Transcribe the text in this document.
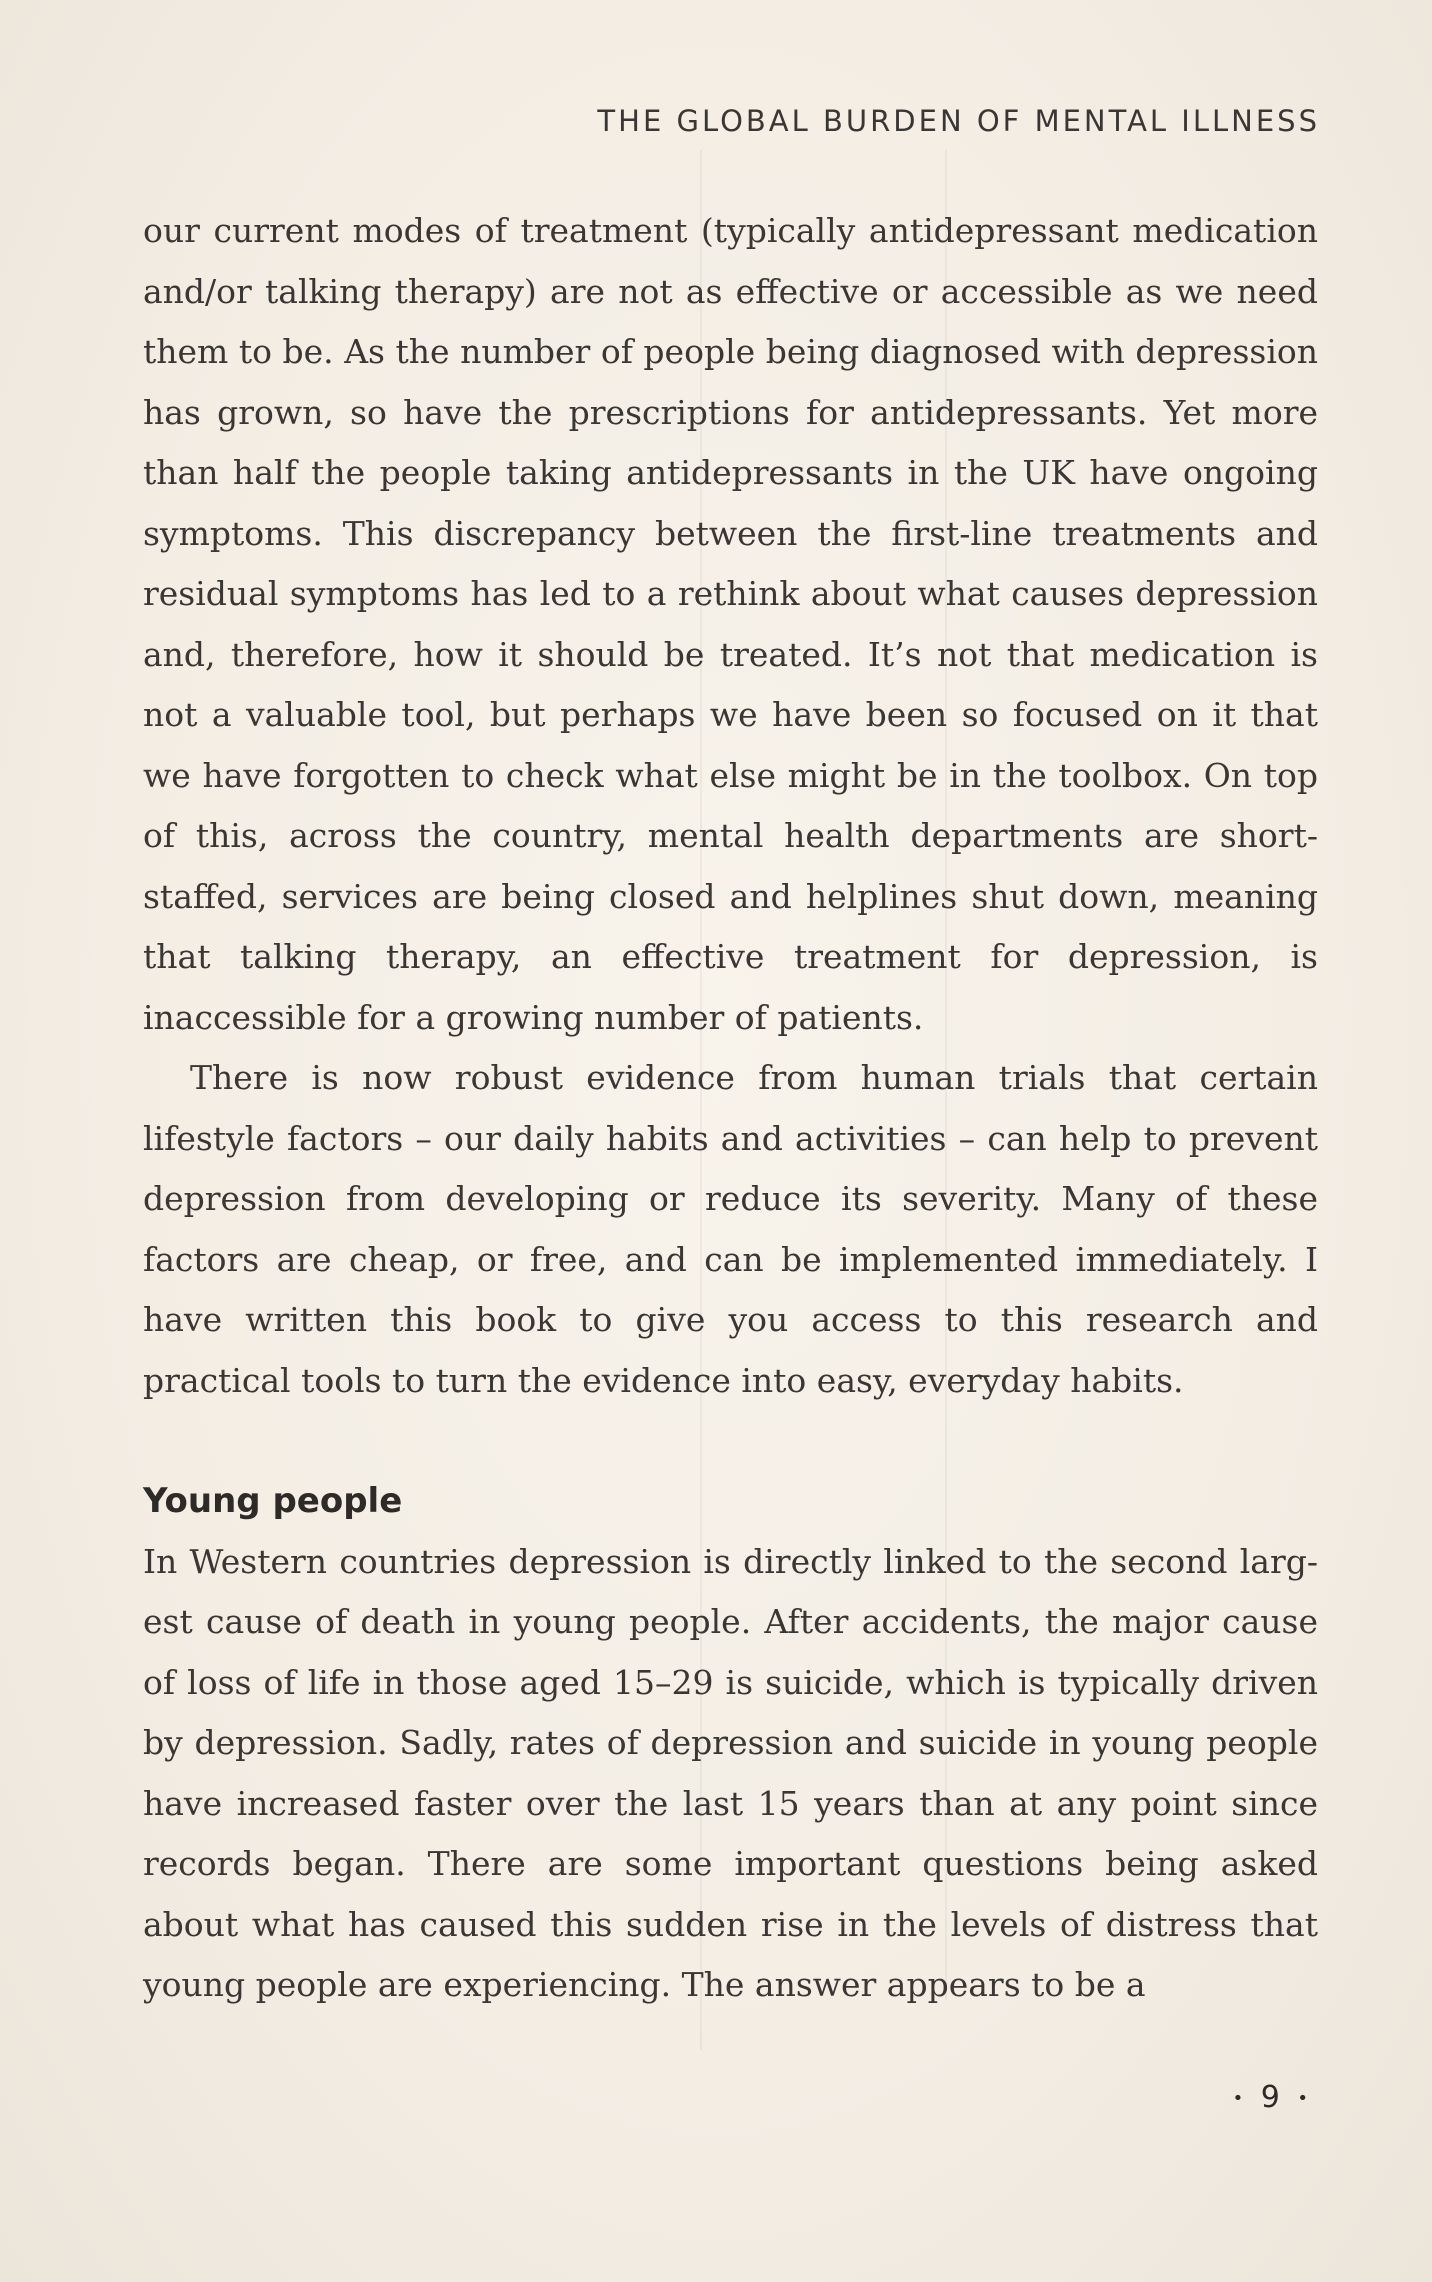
THE GLOBAL BURDEN OF MENTAL ILLNESS

our current modes of treatment (typically antidepressant medication and/or talking therapy) are not as effective or accessible as we need them to be. As the number of people being diagnosed with depression has grown, so have the prescriptions for antidepressants. Yet more than half the people taking antidepressants in the UK have ongoing symptoms. This discrepancy between the first-line treatments and residual symptoms has led to a rethink about what causes depression and, therefore, how it should be treated. It’s not that medication is not a valuable tool, but perhaps we have been so focused on it that we have forgotten to check what else might be in the toolbox. On top of this, across the country, mental health departments are short-staffed, services are being closed and helplines shut down, meaning that talking therapy, an effective treatment for depression, is inaccessible for a growing number of patients.

There is now robust evidence from human trials that certain lifestyle factors – our daily habits and activities – can help to prevent depression from developing or reduce its severity. Many of these factors are cheap, or free, and can be implemented immediately. I have written this book to give you access to this research and practical tools to turn the evidence into easy, everyday habits.

Young people

In Western countries depression is directly linked to the second largest cause of death in young people. After accidents, the major cause of loss of life in those aged 15–29 is suicide, which is typically driven by depression. Sadly, rates of depression and suicide in young people have increased faster over the last 15 years than at any point since records began. There are some important questions being asked about what has caused this sudden rise in the levels of distress that young people are experiencing. The answer appears to be a

• 9 •
